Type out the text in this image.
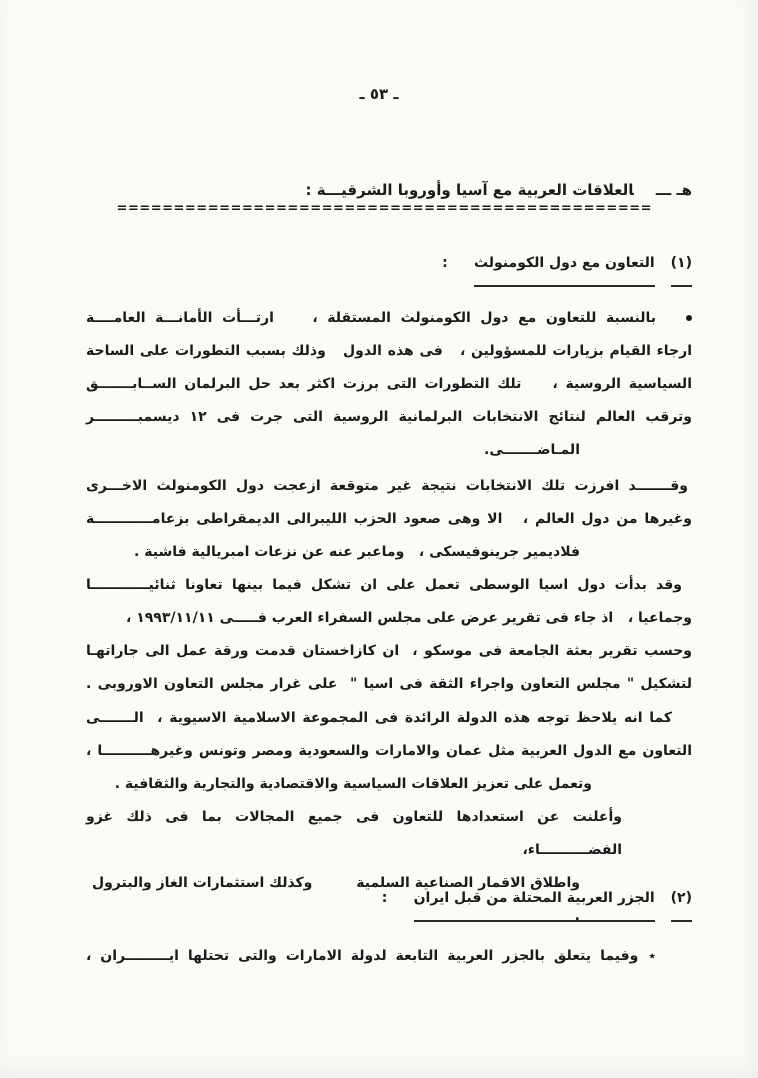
ـ ٥٣ ـ
هـ ـــالعلاقات العربية مع آسيا وأوروبا الشرقيـــة :
===============================================
(١)التعاون مع دول الكومنولث:
بالنسبة للتعاون مع دول الكومنولث المستقلة ،    ارتـــأت الأمانـــة العامــــة
ارجاء القيام بزيارات للمسؤولين ،   فى هذه الدول   وذلك بسبب التطورات على الساحة
السياسية الروسية ،    تلك التطورات التى برزت اكثر بعد حل البرلمان الســابـــــــق
وترقب العالم لنتائج الانتخابات البرلمانية الروسية التى جرت فى ١٢ ديسمبـــــــــر
المـاضـــــــى.
وقـــــــد افرزت تلك الانتخابات نتيجة غير متوقعة ازعجت دول الكومنولث الاخـــرى
وغيرها من دول العالم ،   الا وهى صعود الحزب الليبرالى الديمقراطى بزعامــــــــــــة
فلاديمير جرينوفيسكى ،   وماعبر عنه عن نزعات امبريالية فاشية .
وقد بدأت دول اسيا الوسطى تعمل على ان تشكل فيما بينها تعاونا ثنائيــــــــــــا
وجماعيا ،   اذ جاء فى تقرير عرض على مجلس السفراء العرب فـــــى ١٩٩٣/١١/١١ ،
وحسب تقرير بعثة الجامعة فى موسكو ،  ان كازاخستان قدمت ورقة عمل الى جاراتهـا
لتشكيل " مجلس التعاون واجراء الثقة فى اسيا "  على غرار مجلس التعاون الاوروبى .
كما انه يلاحظ توجه هذه الدولة الرائدة فى المجموعة الاسلامية الاسيوية ،  الـــــــى
التعاون مع الدول العربية مثل عمان والامارات والسعودية ومصر وتونس وغيرهــــــــــا ،
وتعمل على تعزيز العلاقات السياسية والاقتصادية والتجارية والثقافية .
وأعلنت عن استعدادها للتعاون فى جميع المجالات بما فى ذلك غزو الفضــــــــــاء،
واطلاق الاقمار الصناعية السلمية         وكذلك استثمارات الغاز والبترول .
(٢)الجزر العربية المحتلة من قبل ايران:
٭وفيما يتعلق بالجزر العربية التابعة لدولة الامارات والتى تحتلها ايـــــــــران ،
